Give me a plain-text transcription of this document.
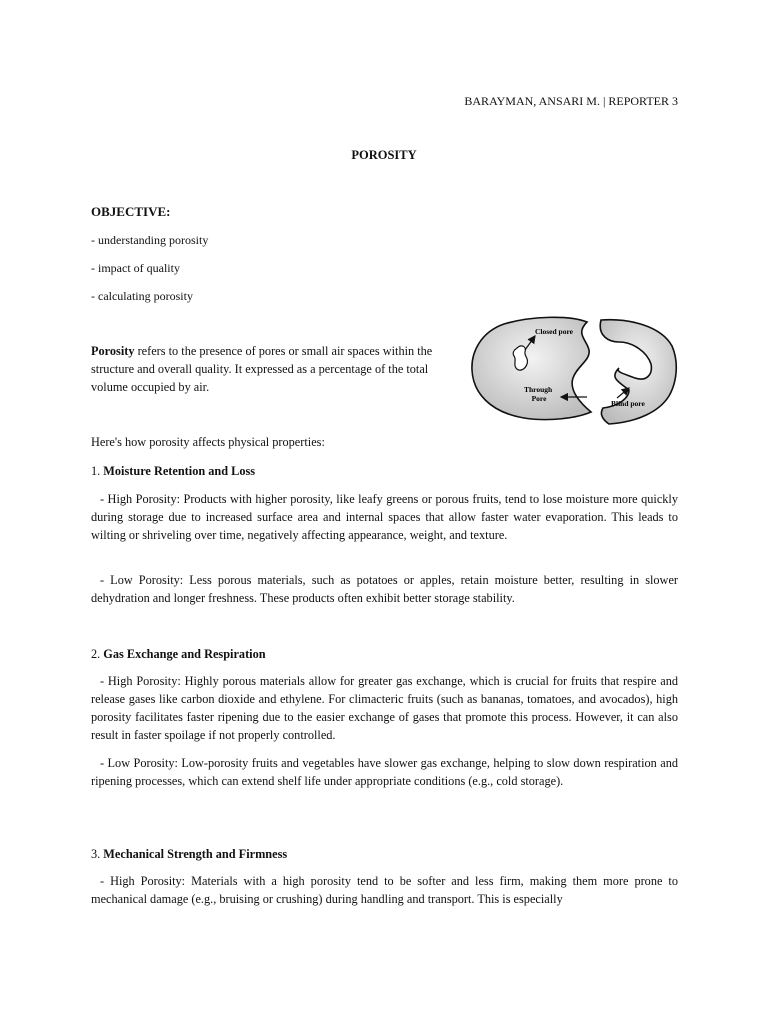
BARAYMAN, ANSARI M. | REPORTER 3
POROSITY
OBJECTIVE:
- understanding porosity
- impact of quality
- calculating porosity

Porosity refers to the presence of pores or small air spaces within the structure and overall quality. It expressed as a percentage of the total volume occupied by air.

Closed pore
Through Pore
Blind pore

Here's how porosity affects physical properties:

1. Moisture Retention and Loss

- High Porosity: Products with higher porosity, like leafy greens or porous fruits, tend to lose moisture more quickly during storage due to increased surface area and internal spaces that allow faster water evaporation. This leads to wilting or shriveling over time, negatively affecting appearance, weight, and texture.

- Low Porosity: Less porous materials, such as potatoes or apples, retain moisture better, resulting in slower dehydration and longer freshness. These products often exhibit better storage stability.

2. Gas Exchange and Respiration

- High Porosity: Highly porous materials allow for greater gas exchange, which is crucial for fruits that respire and release gases like carbon dioxide and ethylene. For climacteric fruits (such as bananas, tomatoes, and avocados), high porosity facilitates faster ripening due to the easier exchange of gases that promote this process. However, it can also result in faster spoilage if not properly controlled.

- Low Porosity: Low-porosity fruits and vegetables have slower gas exchange, helping to slow down respiration and ripening processes, which can extend shelf life under appropriate conditions (e.g., cold storage).

3. Mechanical Strength and Firmness

- High Porosity: Materials with a high porosity tend to be softer and less firm, making them more prone to mechanical damage (e.g., bruising or crushing) during handling and transport. This is especially
